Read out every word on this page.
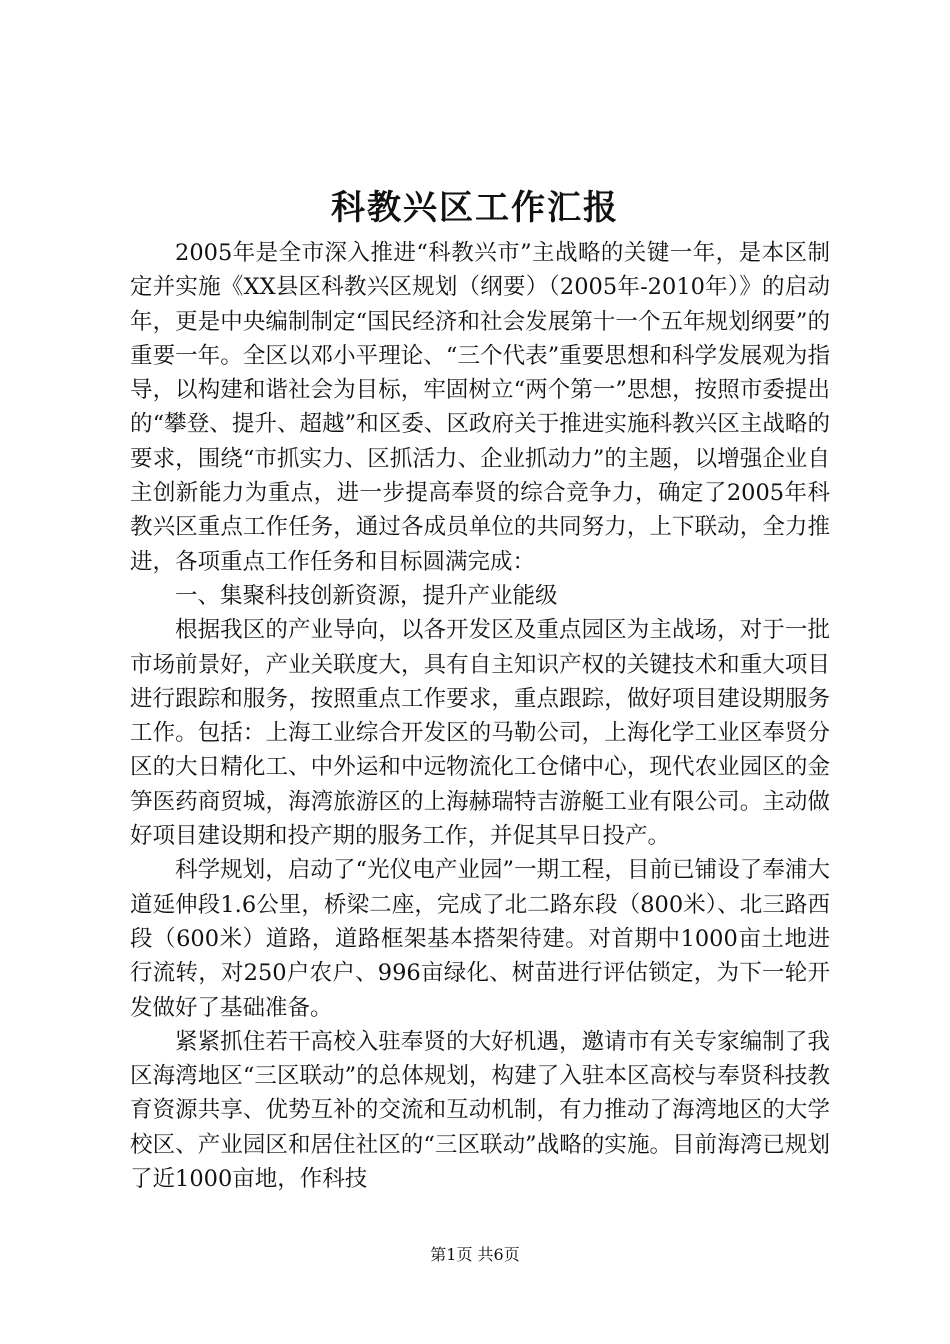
科教兴区工作汇报

2005年是全市深入推进“科教兴市”主战略的关键一年，是本区制定并实施《XX县区科教兴区规划（纲要）（2005年-2010年）》的启动年，更是中央编制制定“国民经济和社会发展第十一个五年规划纲要”的重要一年。全区以邓小平理论、“三个代表”重要思想和科学发展观为指导，以构建和谐社会为目标，牢固树立“两个第一”思想，按照市委提出的“攀登、提升、超越”和区委、区政府关于推进实施科教兴区主战略的要求，围绕“市抓实力、区抓活力、企业抓动力”的主题，以增强企业自主创新能力为重点，进一步提高奉贤的综合竞争力，确定了2005年科教兴区重点工作任务，通过各成员单位的共同努力，上下联动，全力推进，各项重点工作任务和目标圆满完成：

一、集聚科技创新资源，提升产业能级

根据我区的产业导向，以各开发区及重点园区为主战场，对于一批市场前景好，产业关联度大，具有自主知识产权的关键技术和重大项目进行跟踪和服务，按照重点工作要求，重点跟踪，做好项目建设期服务工作。包括：上海工业综合开发区的马勒公司，上海化学工业区奉贤分区的大日精化工、中外运和中远物流化工仓储中心，现代农业园区的金笋医药商贸城，海湾旅游区的上海赫瑞特吉游艇工业有限公司。主动做好项目建设期和投产期的服务工作，并促其早日投产。

科学规划，启动了“光仪电产业园”一期工程，目前已铺设了奉浦大道延伸段1.6公里，桥梁二座，完成了北二路东段（800米）、北三路西段（600米）道路，道路框架基本搭架待建。对首期中1000亩土地进行流转，对250户农户、996亩绿化、树苗进行评估锁定，为下一轮开发做好了基础准备。

紧紧抓住若干高校入驻奉贤的大好机遇，邀请市有关专家编制了我区海湾地区“三区联动”的总体规划，构建了入驻本区高校与奉贤科技教育资源共享、优势互补的交流和互动机制，有力推动了海湾地区的大学校区、产业园区和居住社区的“三区联动”战略的实施。目前海湾已规划了近1000亩地，作科技

第1页 共6页
